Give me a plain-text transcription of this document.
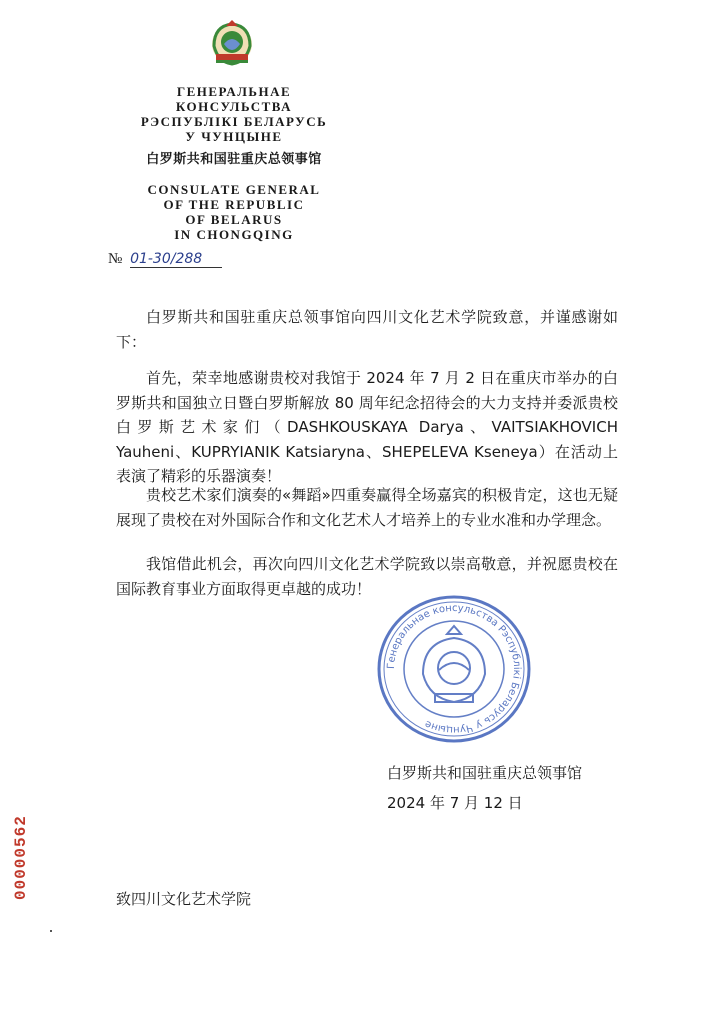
ГЕНЕРАЛЬНАЕ
КОНСУЛЬСТВА
РЭСПУБЛІКІ БЕЛАРУСЬ
У ЧУНЦЫНЕ
白罗斯共和国驻重庆总领事馆
CONSULATE GENERAL
OF THE REPUBLIC
OF BELARUS
IN CHONGQING
№ 01-30/288
白罗斯共和国驻重庆总领事馆向四川文化艺术学院致意，并谨感谢如下：
首先，荣幸地感谢贵校对我馆于 2024 年 7 月 2 日在重庆市举办的白罗斯共和国独立日暨白罗斯解放 80 周年纪念招待会的大力支持并委派贵校白罗斯艺术家们（DASHKOUSKAYA Darya、VAITSIAKHOVICH Yauheni、KUPRYIANIK Katsiaryna、SHEPELEVA Kseneya）在活动上表演了精彩的乐器演奏！
贵校艺术家们演奏的«舞蹈»四重奏赢得全场嘉宾的积极肯定，这也无疑展现了贵校在对外国际合作和文化艺术人才培养上的专业水准和办学理念。
我馆借此机会，再次向四川文化艺术学院致以崇高敬意，并祝愿贵校在国际教育事业方面取得更卓越的成功！
Генеральнае консульства Рэспублікі Беларусь у Чунцыне
白罗斯共和国驻重庆总领事馆
2024 年 7 月 12 日
00000562	致四川文化艺术学院
